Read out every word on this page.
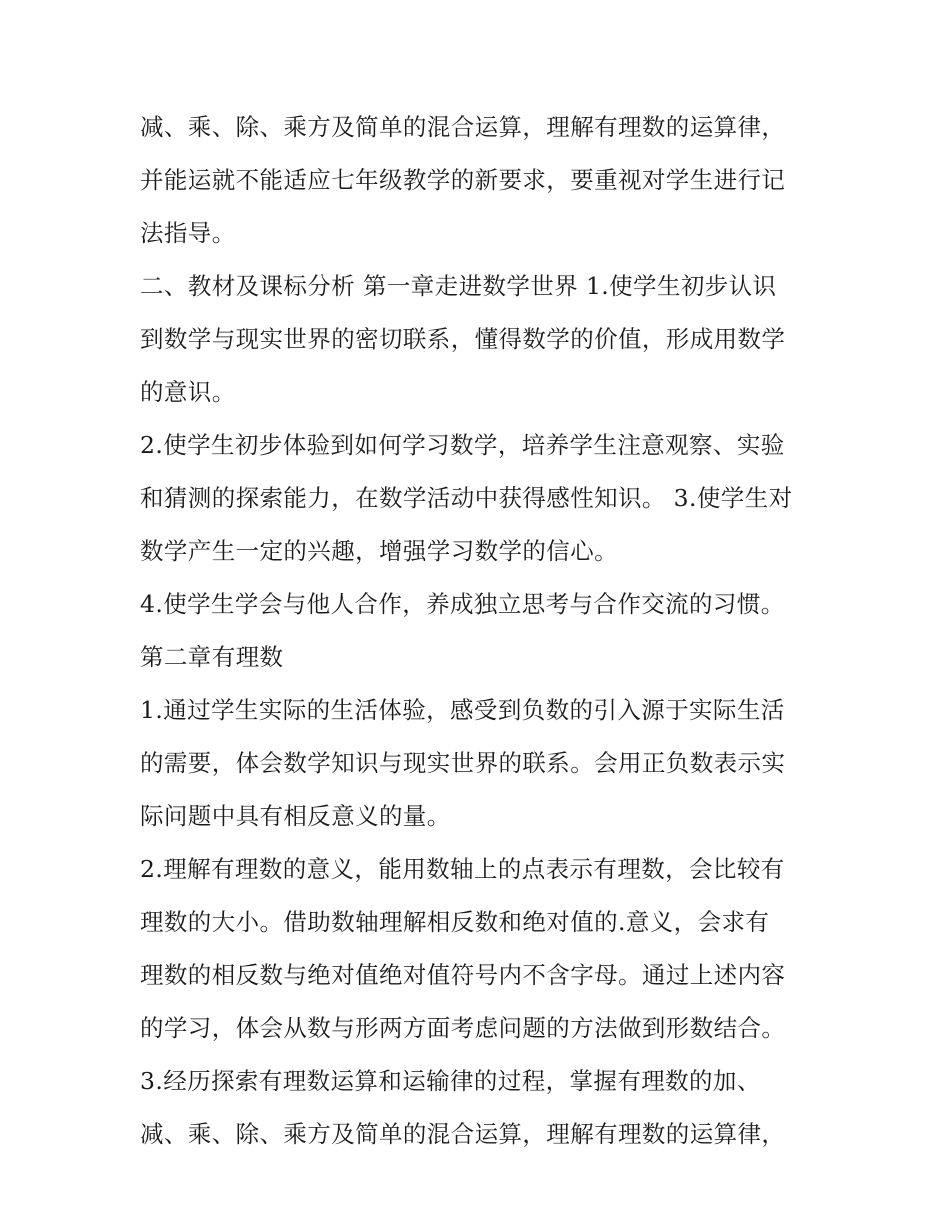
减、乘、除、乘方及简单的混合运算，理解有理数的运算律，
并能运就不能适应七年级教学的新要求，要重视对学生进行记
法指导。
二、教材及课标分析 第一章走进数学世界 1.使学生初步认识
到数学与现实世界的密切联系，懂得数学的价值，形成用数学
的意识。
2.使学生初步体验到如何学习数学，培养学生注意观察、实验
和猜测的探索能力，在数学活动中获得感性知识。 3.使学生对
数学产生一定的兴趣，增强学习数学的信心。
4.使学生学会与他人合作，养成独立思考与合作交流的习惯。
第二章有理数
1.通过学生实际的生活体验，感受到负数的引入源于实际生活
的需要，体会数学知识与现实世界的联系。会用正负数表示实
际问题中具有相反意义的量。
2.理解有理数的意义，能用数轴上的点表示有理数，会比较有
理数的大小。借助数轴理解相反数和绝对值的.意义，会求有
理数的相反数与绝对值绝对值符号内不含字母。通过上述内容
的学习，体会从数与形两方面考虑问题的方法做到形数结合。
3.经历探索有理数运算和运输律的过程，掌握有理数的加、
减、乘、除、乘方及简单的混合运算，理解有理数的运算律，
